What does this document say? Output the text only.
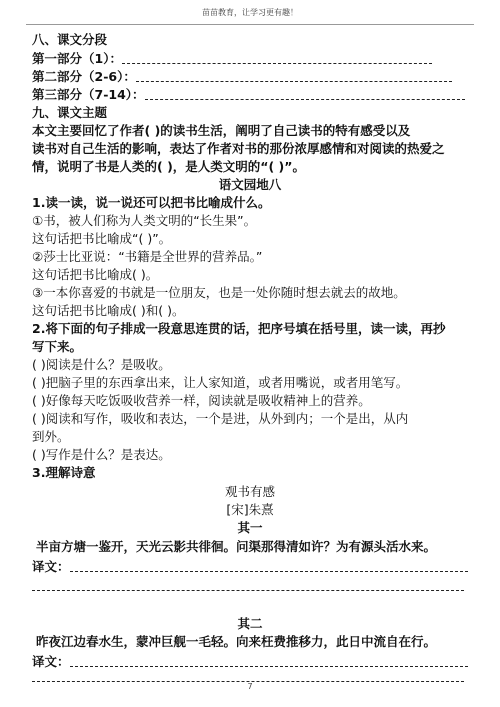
苗苗教育，让学习更有趣！
八、课文分段
第一部分（1）：
第二部分（2-6）：
第三部分（7-14）：
九、课文主题
本文主要回忆了作者( )的读书生活，阐明了自己读书的特有感受以及
读书对自己生活的影响，表达了作者对书的那份浓厚感情和对阅读的热爱之
情，说明了书是人类的( )，是人类文明的“( )”。
语文园地八
1.读一读，说一说还可以把书比喻成什么。
①书，被人们称为人类文明的“长生果”。
这句话把书比喻成“( )”。
②莎士比亚说：“书籍是全世界的营养品。”
这句话把书比喻成( )。
③一本你喜爱的书就是一位朋友，也是一处你随时想去就去的故地。
这句话把书比喻成( )和( )。
2.将下面的句子排成一段意思连贯的话，把序号填在括号里，读一读，再抄
写下来。
( )阅读是什么？是吸收。
( )把脑子里的东西拿出来，让人家知道，或者用嘴说，或者用笔写。
( )好像每天吃饭吸收营养一样，阅读就是吸收精神上的营养。
( )阅读和写作，吸收和表达，一个是进，从外到内；一个是出，从内
到外。
( )写作是什么？是表达。
3.理解诗意
观书有感
[宋]朱熹
其一
半亩方塘一鉴开，天光云影共徘徊。问渠那得清如许？为有源头活水来。
译文：
其二
昨夜江边春水生，蒙冲巨舰一毛轻。向来枉费推移力，此日中流自在行。
译文：
7
